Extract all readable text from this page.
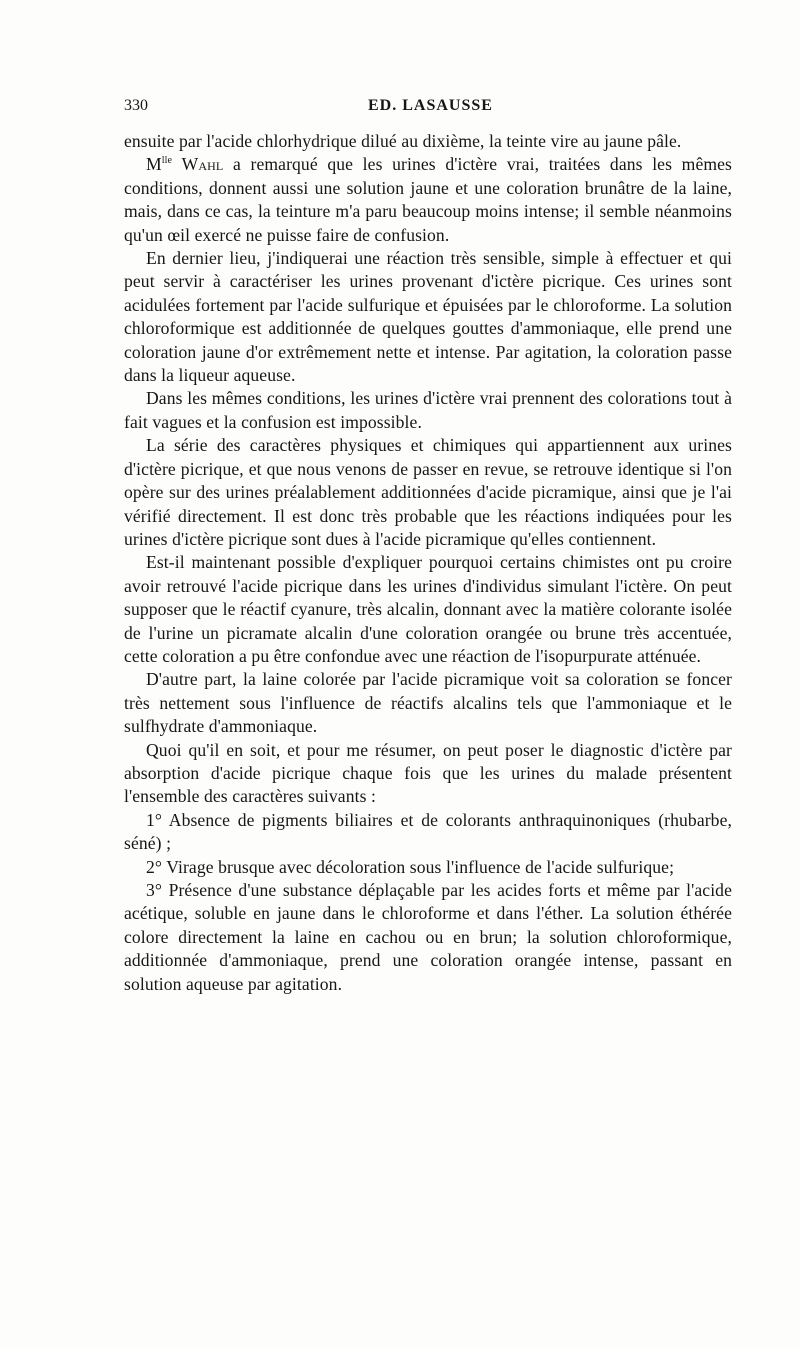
330	ED. LASAUSSE

ensuite par l'acide chlorhydrique dilué au dixième, la teinte vire au jaune pâle.

$M^{lle}$ Wahl a remarqué que les urines d'ictère vrai, traitées dans les mêmes conditions, donnent aussi une solution jaune et une coloration brunâtre de la laine, mais, dans ce cas, la teinture m'a paru beaucoup moins intense; il semble néanmoins qu'un œil exercé ne puisse faire de confusion.

En dernier lieu, j'indiquerai une réaction très sensible, simple à effectuer et qui peut servir à caractériser les urines provenant d'ictère picrique. Ces urines sont acidulées fortement par l'acide sulfurique et épuisées par le chloroforme. La solution chloroformique est additionnée de quelques gouttes d'ammoniaque, elle prend une coloration jaune d'or extrêmement nette et intense. Par agitation, la coloration passe dans la liqueur aqueuse.

Dans les mêmes conditions, les urines d'ictère vrai prennent des colorations tout à fait vagues et la confusion est impossible.

La série des caractères physiques et chimiques qui appartiennent aux urines d'ictère picrique, et que nous venons de passer en revue, se retrouve identique si l'on opère sur des urines préalablement additionnées d'acide picramique, ainsi que je l'ai vérifié directement. Il est donc très probable que les réactions indiquées pour les urines d'ictère picrique sont dues à l'acide picramique qu'elles contiennent.

Est-il maintenant possible d'expliquer pourquoi certains chimistes ont pu croire avoir retrouvé l'acide picrique dans les urines d'individus simulant l'ictère. On peut supposer que le réactif cyanure, très alcalin, donnant avec la matière colorante isolée de l'urine un picramate alcalin d'une coloration orangée ou brune très accentuée, cette coloration a pu être confondue avec une réaction de l'isopurpurate atténuée.

D'autre part, la laine colorée par l'acide picramique voit sa coloration se foncer très nettement sous l'influence de réactifs alcalins tels que l'ammoniaque et le sulfhydrate d'ammoniaque.

Quoi qu'il en soit, et pour me résumer, on peut poser le diagnostic d'ictère par absorption d'acide picrique chaque fois que les urines du malade présentent l'ensemble des caractères suivants :

1° Absence de pigments biliaires et de colorants anthraquinoniques (rhubarbe, séné) ;

2° Virage brusque avec décoloration sous l'influence de l'acide sulfurique;

3° Présence d'une substance déplaçable par les acides forts et même par l'acide acétique, soluble en jaune dans le chloroforme et dans l'éther. La solution éthérée colore directement la laine en cachou ou en brun; la solution chloroformique, additionnée d'ammoniaque, prend une coloration orangée intense, passant en solution aqueuse par agitation.
